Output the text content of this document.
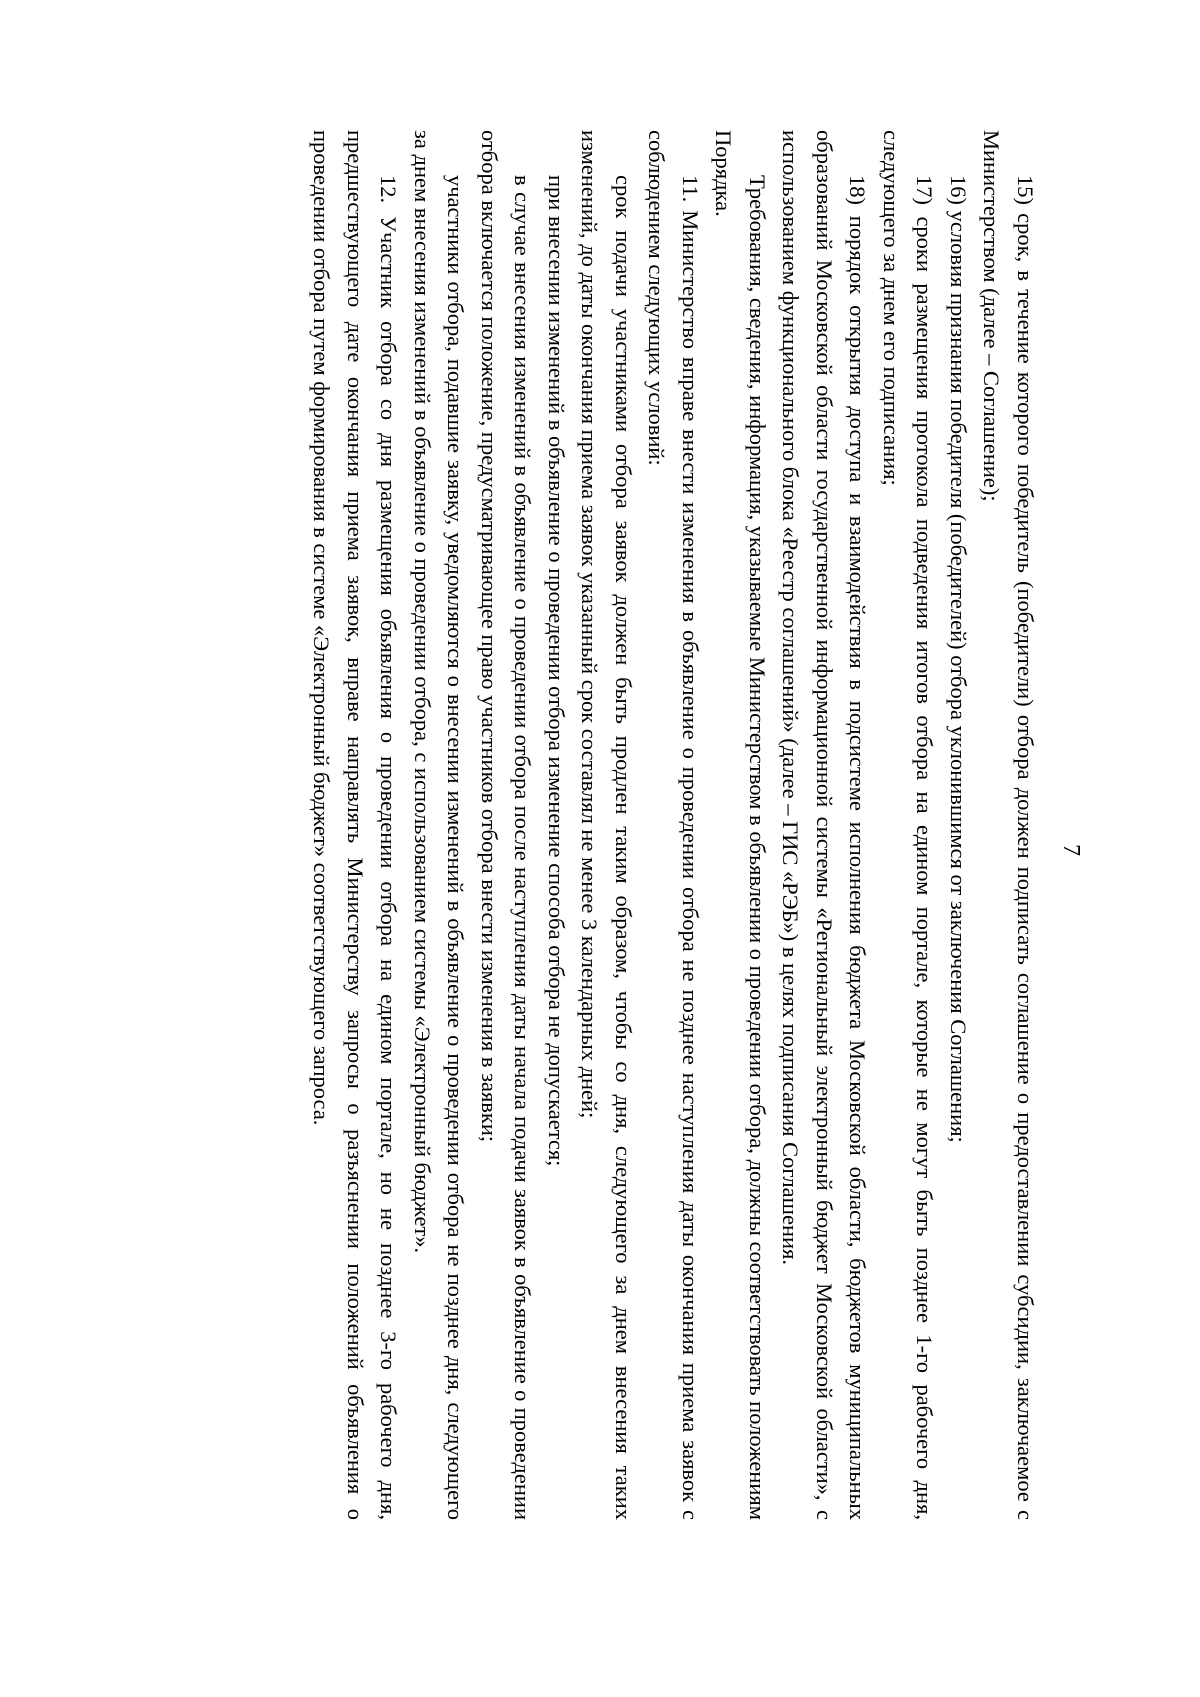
7

15) срок, в течение которого победитель (победители) отбора должен подписать соглашение о предоставлении субсидии, заключаемое с Министерством (далее – Соглашение);

16) условия признания победителя (победителей) отбора уклонившимся от заключения Соглашения;

17) сроки размещения протокола подведения итогов отбора на едином портале, которые не могут быть позднее 1-го рабочего дня, следующего за днем его подписания;

18) порядок открытия доступа и взаимодействия в подсистеме исполнения бюджета Московской области, бюджетов муниципальных образований Московской области государственной информационной системы «Региональный электронный бюджет Московской области», с использованием функционального блока «Реестр соглашений» (далее – ГИС «РЭБ») в целях подписания Соглашения.

Требования, сведения, информация, указываемые Министерством в объявлении о проведении отбора, должны соответствовать положениям Порядка.

11. Министерство вправе внести изменения в объявление о проведении отбора не позднее наступления даты окончания приема заявок с соблюдением следующих условий:

срок подачи участниками отбора заявок должен быть продлен таким образом, чтобы со дня, следующего за днем внесения таких изменений, до даты окончания приема заявок указанный срок составлял не менее 3 календарных дней;

при внесении изменений в объявление о проведении отбора изменение способа отбора не допускается;

в случае внесения изменений в объявление о проведении отбора после наступления даты начала подачи заявок в объявление о проведении отбора включается положение, предусматривающее право участников отбора внести изменения в заявки;

участники отбора, подавшие заявку, уведомляются о внесении изменений в объявление о проведении отбора не позднее дня, следующего за днем внесения изменений в объявление о проведении отбора, с использованием системы «Электронный бюджет».

12. Участник отбора со дня размещения объявления о проведении отбора на едином портале, но не позднее 3-го рабочего дня, предшествующего дате окончания приема заявок, вправе направлять Министерству запросы о разъяснении положений объявления о проведении отбора путем формирования в системе «Электронный бюджет» соответствующего запроса.
